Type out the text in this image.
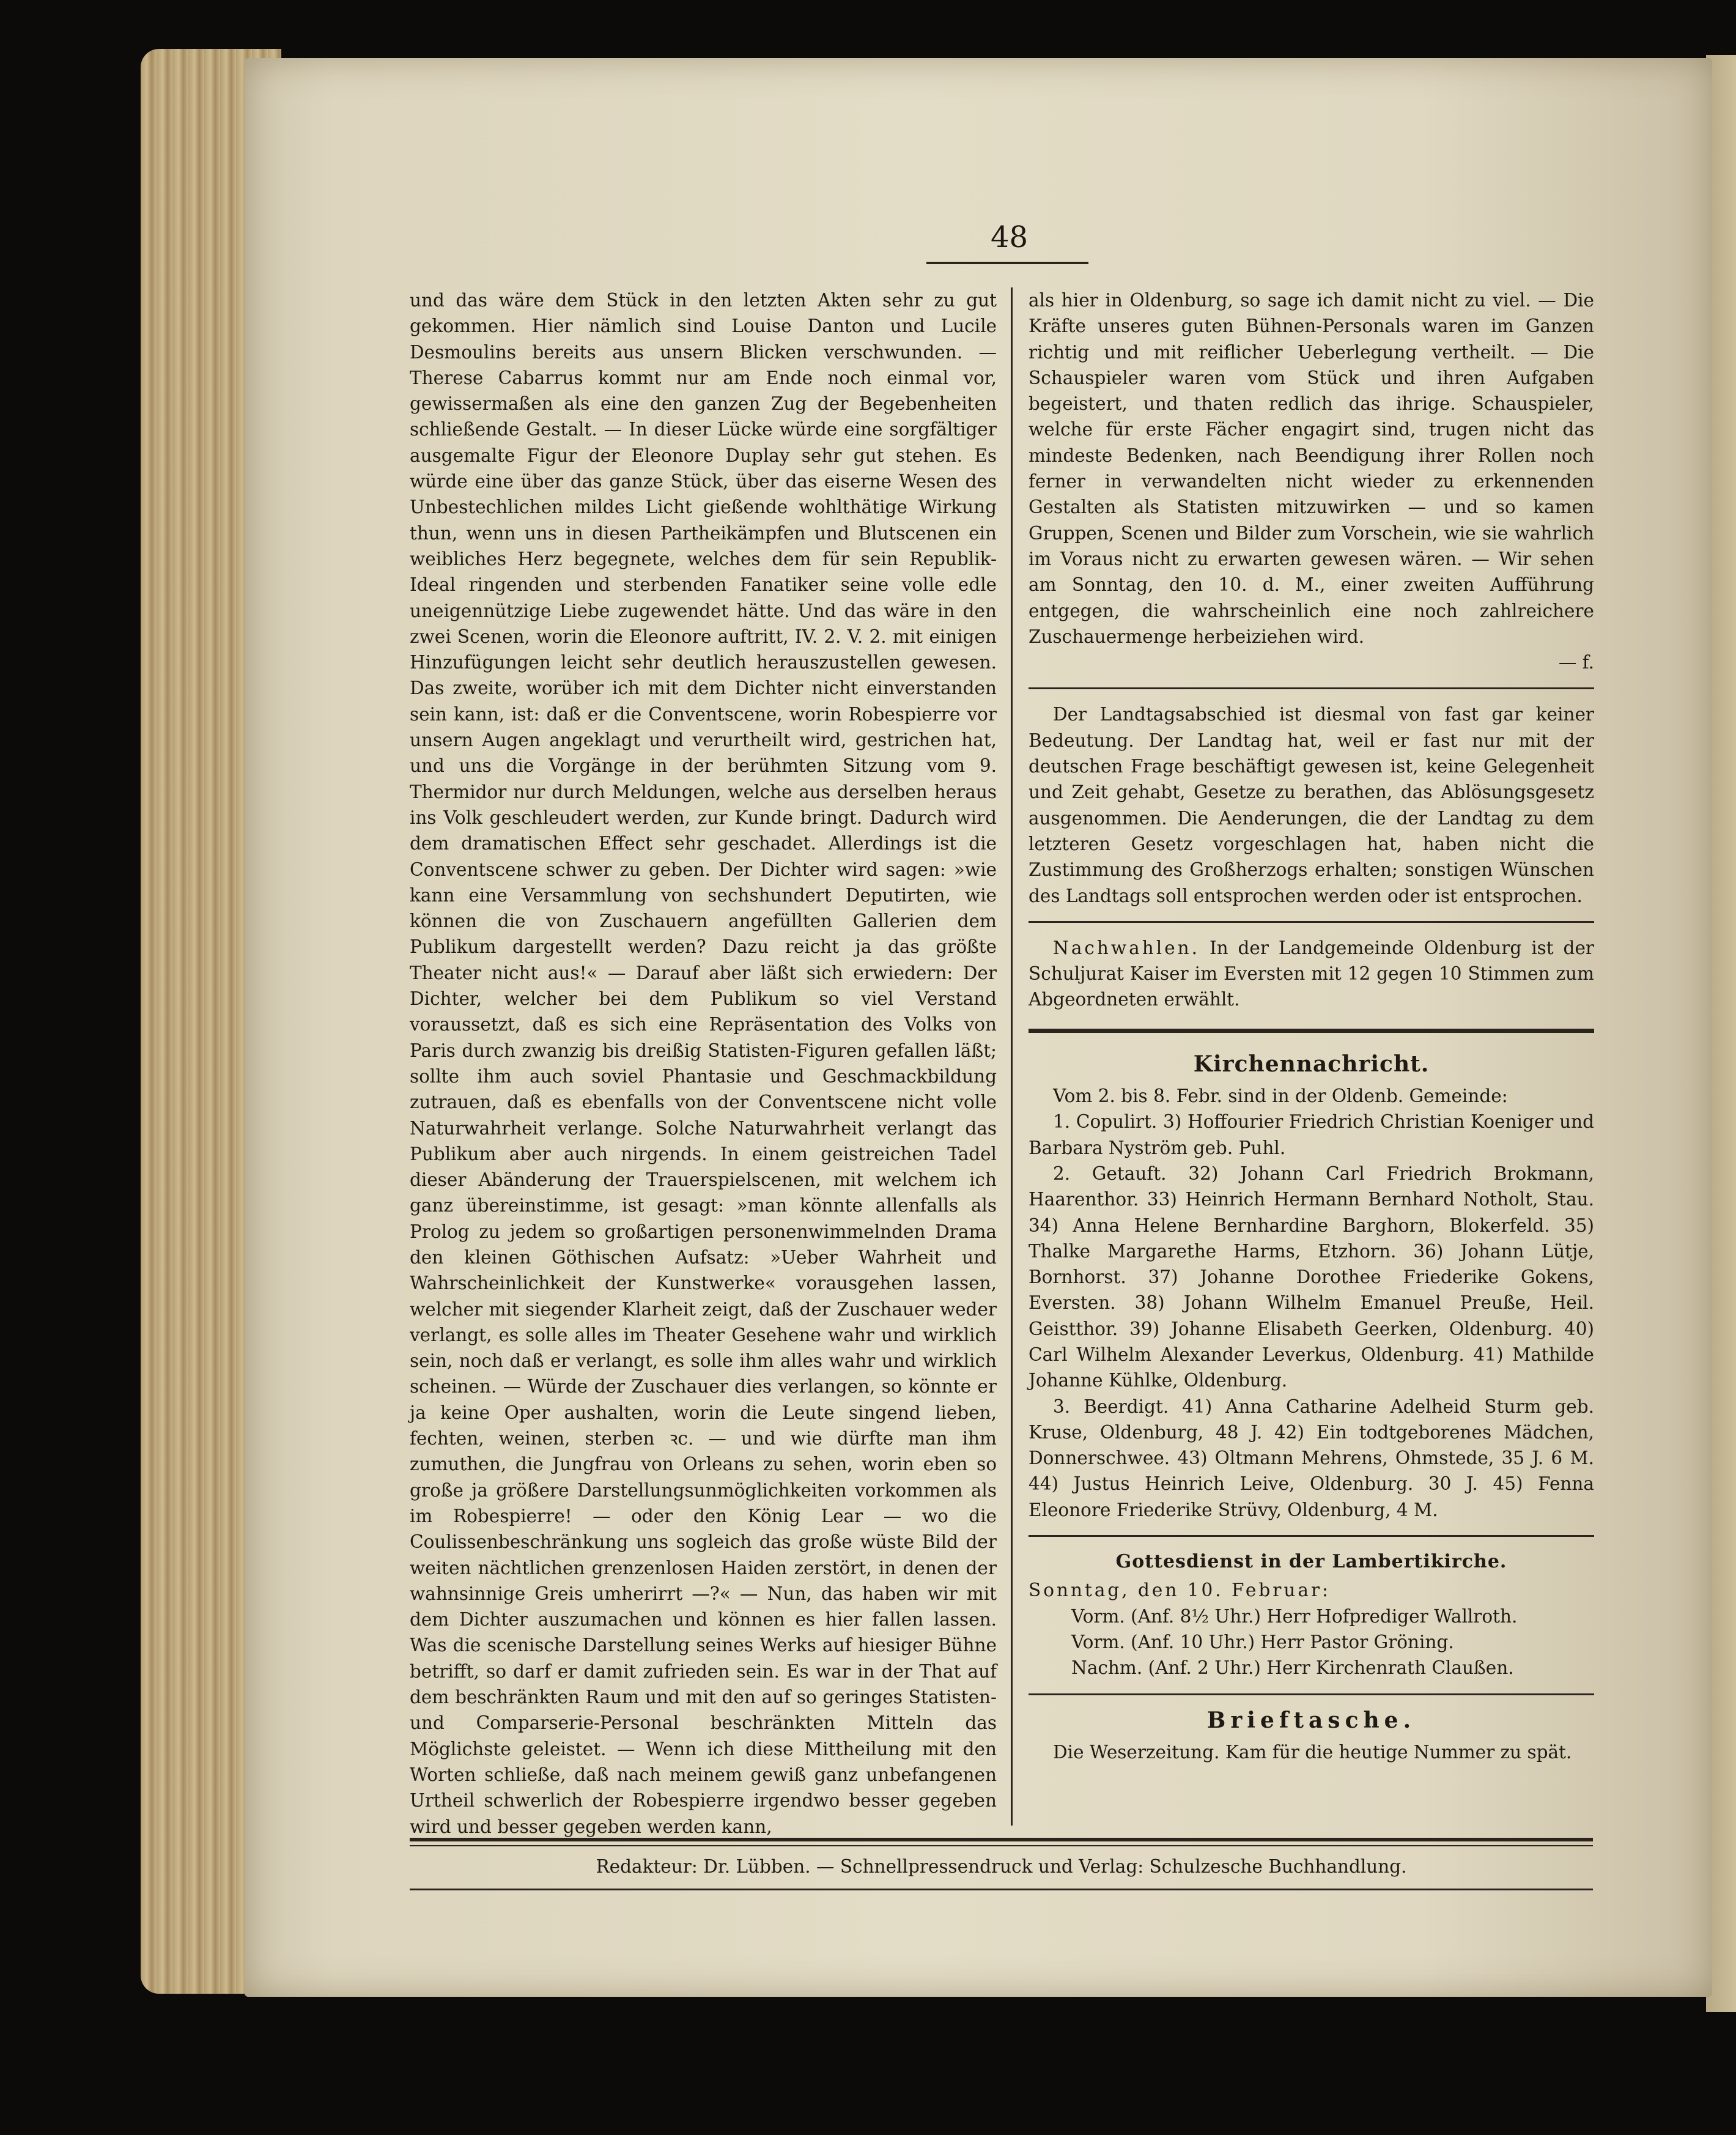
48

und das wäre dem Stück in den letzten Akten sehr zu gut gekommen. Hier nämlich sind Louise Danton und Lucile Desmoulins bereits aus unsern Blicken verschwunden. — Therese Cabarrus kommt nur am Ende noch einmal vor, gewissermaßen als eine den ganzen Zug der Begebenheiten schließende Gestalt. — In dieser Lücke würde eine sorgfältiger ausgemalte Figur der Eleonore Duplay sehr gut stehen. Es würde eine über das ganze Stück, über das eiserne Wesen des Unbestechlichen mildes Licht gießende wohlthätige Wirkung thun, wenn uns in diesen Partheikämpfen und Blutscenen ein weibliches Herz begegnete, welches dem für sein Republik-Ideal ringenden und sterbenden Fanatiker seine volle edle uneigennützige Liebe zugewendet hätte. Und das wäre in den zwei Scenen, worin die Eleonore auftritt, IV. 2. V. 2. mit einigen Hinzufügungen leicht sehr deutlich herauszustellen gewesen. Das zweite, worüber ich mit dem Dichter nicht einverstanden sein kann, ist: daß er die Conventscene, worin Robespierre vor unsern Augen angeklagt und verurtheilt wird, gestrichen hat, und uns die Vorgänge in der berühmten Sitzung vom 9. Thermidor nur durch Meldungen, welche aus derselben heraus ins Volk geschleudert werden, zur Kunde bringt. Dadurch wird dem dramatischen Effect sehr geschadet. Allerdings ist die Conventscene schwer zu geben. Der Dichter wird sagen: »wie kann eine Versammlung von sechshundert Deputirten, wie können die von Zuschauern angefüllten Gallerien dem Publikum dargestellt werden? Dazu reicht ja das größte Theater nicht aus!« — Darauf aber läßt sich erwiedern: Der Dichter, welcher bei dem Publikum so viel Verstand voraussetzt, daß es sich eine Repräsentation des Volks von Paris durch zwanzig bis dreißig Statisten-Figuren gefallen läßt; sollte ihm auch soviel Phantasie und Geschmackbildung zutrauen, daß es ebenfalls von der Conventscene nicht volle Naturwahrheit verlange. Solche Naturwahrheit verlangt das Publikum aber auch nirgends. In einem geistreichen Tadel dieser Abänderung der Trauerspielscenen, mit welchem ich ganz übereinstimme, ist gesagt: »man könnte allenfalls als Prolog zu jedem so großartigen personenwimmelnden Drama den kleinen Göthischen Aufsatz: »Ueber Wahrheit und Wahrscheinlichkeit der Kunstwerke« vorausgehen lassen, welcher mit siegender Klarheit zeigt, daß der Zuschauer weder verlangt, es solle alles im Theater Gesehene wahr und wirklich sein, noch daß er verlangt, es solle ihm alles wahr und wirklich scheinen. — Würde der Zuschauer dies verlangen, so könnte er ja keine Oper aushalten, worin die Leute singend lieben, fechten, weinen, sterben ꝛc. — und wie dürfte man ihm zumuthen, die Jungfrau von Orleans zu sehen, worin eben so große ja größere Darstellungsunmöglichkeiten vorkommen als im Robespierre! — oder den König Lear — wo die Coulissenbeschränkung uns sogleich das große wüste Bild der weiten nächtlichen grenzenlosen Haiden zerstört, in denen der wahnsinnige Greis umherirrt —?« — Nun, das haben wir mit dem Dichter auszumachen und können es hier fallen lassen. Was die scenische Darstellung seines Werks auf hiesiger Bühne betrifft, so darf er damit zufrieden sein. Es war in der That auf dem beschränkten Raum und mit den auf so geringes Statisten- und Comparserie-Personal beschränkten Mitteln das Möglichste geleistet. — Wenn ich diese Mittheilung mit den Worten schließe, daß nach meinem gewiß ganz unbefangenen Urtheil schwerlich der Robespierre irgendwo besser gegeben wird und besser gegeben werden kann,

als hier in Oldenburg, so sage ich damit nicht zu viel. — Die Kräfte unseres guten Bühnen-Personals waren im Ganzen richtig und mit reiflicher Ueberlegung vertheilt. — Die Schauspieler waren vom Stück und ihren Aufgaben begeistert, und thaten redlich das ihrige. Schauspieler, welche für erste Fächer engagirt sind, trugen nicht das mindeste Bedenken, nach Beendigung ihrer Rollen noch ferner in verwandelten nicht wieder zu erkennenden Gestalten als Statisten mitzuwirken — und so kamen Gruppen, Scenen und Bilder zum Vorschein, wie sie wahrlich im Voraus nicht zu erwarten gewesen wären. — Wir sehen am Sonntag, den 10. d. M., einer zweiten Aufführung entgegen, die wahrscheinlich eine noch zahlreichere Zuschauermenge herbeiziehen wird.

— f.

Der Landtagsabschied ist diesmal von fast gar keiner Bedeutung. Der Landtag hat, weil er fast nur mit der deutschen Frage beschäftigt gewesen ist, keine Gelegenheit und Zeit gehabt, Gesetze zu berathen, das Ablösungsgesetz ausgenommen. Die Aenderungen, die der Landtag zu dem letzteren Gesetz vorgeschlagen hat, haben nicht die Zustimmung des Großherzogs erhalten; sonstigen Wünschen des Landtags soll entsprochen werden oder ist entsprochen.

Nachwahlen. In der Landgemeinde Oldenburg ist der Schuljurat Kaiser im Eversten mit 12 gegen 10 Stimmen zum Abgeordneten erwählt.

Kirchennachricht.

Vom 2. bis 8. Febr. sind in der Oldenb. Gemeinde:

1. Copulirt. 3) Hoffourier Friedrich Christian Koeniger und Barbara Nyström geb. Puhl.

2. Getauft. 32) Johann Carl Friedrich Brokmann, Haarenthor. 33) Heinrich Hermann Bernhard Notholt, Stau. 34) Anna Helene Bernhardine Barghorn, Blokerfeld. 35) Thalke Margarethe Harms, Etzhorn. 36) Johann Lütje, Bornhorst. 37) Johanne Dorothee Friederike Gokens, Eversten. 38) Johann Wilhelm Emanuel Preuße, Heil. Geistthor. 39) Johanne Elisabeth Geerken, Oldenburg. 40) Carl Wilhelm Alexander Leverkus, Oldenburg. 41) Mathilde Johanne Kühlke, Oldenburg.

3. Beerdigt. 41) Anna Catharine Adelheid Sturm geb. Kruse, Oldenburg, 48 J. 42) Ein todtgeborenes Mädchen, Donnerschwee. 43) Oltmann Mehrens, Ohmstede, 35 J. 6 M. 44) Justus Heinrich Leive, Oldenburg. 30 J. 45) Fenna Eleonore Friederike Strüvy, Oldenburg, 4 M.

Gottesdienst in der Lambertikirche.

Sonntag, den 10. Februar:

Vorm. (Anf. 8½ Uhr.) Herr Hofprediger Wallroth.

Vorm. (Anf. 10 Uhr.) Herr Pastor Gröning.

Nachm. (Anf. 2 Uhr.) Herr Kirchenrath Claußen.

Brieftasche.

Die Weserzeitung. Kam für die heutige Nummer zu spät.

Redakteur: Dr. Lübben. — Schnellpressendruck und Verlag: Schulzesche Buchhandlung.
